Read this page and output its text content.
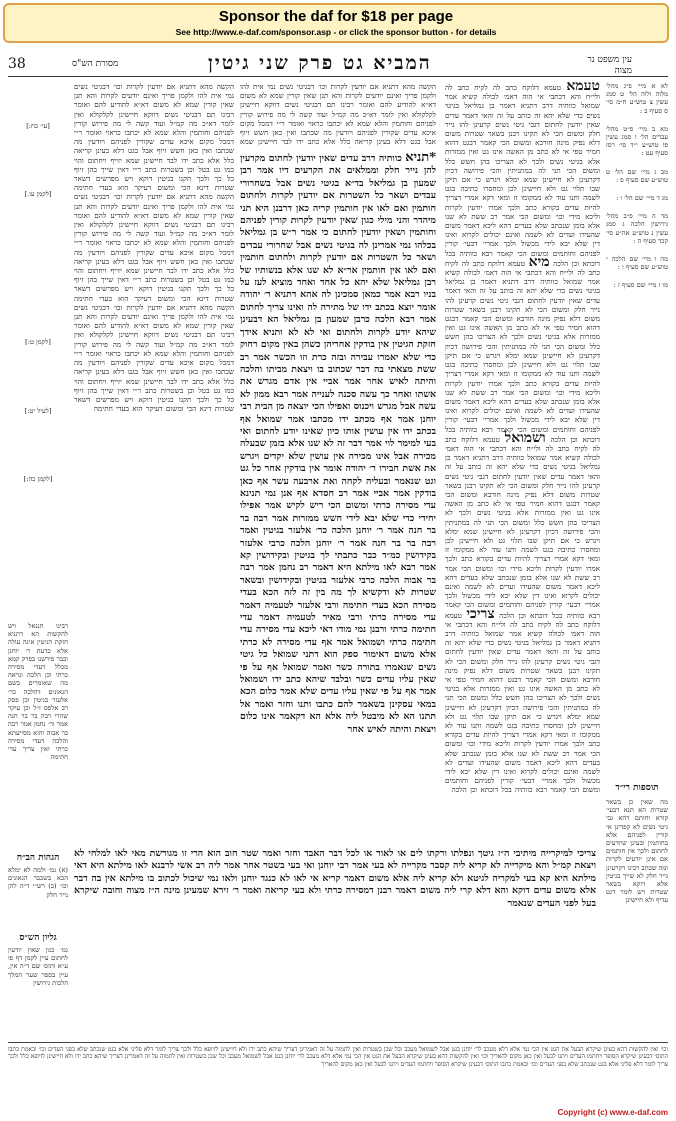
Sponsor the daf for $18 per page
See http://www.e-daf.com/sponsor.asp - or click the sponsor button - for details
38	מסורת הש"ס	המביא גט פרק שני גיטין	עין משפט נר מצוה
לא א מיי׳ פ״ג מהל׳ מלוה ולוה הל׳ ט סמג עשין צ טוש״ע ח״מ סי׳ ס סעיף ב :
מא ב מיי׳ פ״ט מהל׳ עבדים הל׳ ו סמג עשין פו טוש״ע י״ד סי׳ רסז סעיף עט :
מב ג מיי׳ שם הל׳ ט טוש״ע שם סעיף פ :
מג ד מיי׳ שם הל׳ ו :
מד ה מיי׳ פ״ב מהל׳ גירושין הלכה ג סמג עשין נ טוש״ע אה״ע סי׳ קכד סעיף ה :
מה ו מיי׳ שם הלכה י טוש״ע שם סעיף ו :
מו ז מיי׳ שם סעיף ז :
תוספות רי״ד
מה שאין כן בשאר שטרות הא תנא דבעי׳ קורא וחותם דהא גבי גיטי נשים לא קפדינן אי קורין לפניהם אלא בחותמין ובעינן שיודעים לחתום ולכך אין חותמים אם אינן יודעים לקרות ומה שכתב רבינו דקרעינן נייר חלק לא שייך בגיטין אלא דוקא בשאר שטרות ויש לומר דגט עדיף ולא חיישינן
טעמא טעמא דלוקח כתב לה לקיח כתב לה ולי״ח והא דכתבי אי הוה דאמ׳ לכולה קשיא אמר שמואל כוותיה דרב דתניא דאמר בן גמליאל בגיטי נשים כדי שלא יהא זה כותב על זה והאי דאמר עדים שאין יודעין לחתום דגבי גיטי נשים קרעינן להו נייר חלק ומשום הכי לא תקינו רבנן בשאר שטרות משום דלא נפיק מינה חורבא ומשום הכי קאמר דבגט דהוא חמיר טפי אי לא כתב מן האשה אינו גט ואין ממזרות אלא בגיטי נשים ולכך לא הצריכו בהן חשש כלל ומשום הכי תני לה במתניתין והכי פירושה דכיון דקרעינן לא חיישינן שמא ימלא ויגרש כי אם תיקן שבו תלוי גט ולא חיישינן לכן ומחסרו כתיבה בגט לשמה ותנו עוד לא ממקומו זז ומאי דקא אמרי דצריך להיות עדים בקורא כתב ולכך אמרו יודעין לקרות וליכא מידי וכו׳ ומשום הכי אמר רב ששת לא שנו אלא בזמן שנכתב שלא בעדים דהא ליכא דאמר משום שהעידו ועדים לא לשמה ואינם יכולים לקרוא ואינו דין שלא יבא לידי מכשול ולכך אמרי׳ דבעי׳ קורין לפניהם וחותמים ומשום הכי קאמר רבא כוותיה בכל דוכתא וכן הלכה מיא טעמא דלוקח כתב לה לקיח כתב לה ולי״ח והא דכתבי אי הוה דאמ׳ לכולה קשיא אמר שמואל כוותיה דרב דתניא דאמר בן גמליאל בגיטי נשים כדי שלא יהא זה כותב על זה והאי דאמר עדים שאין יודעין לחתום דגבי גיטי נשים קרעינן להו נייר חלק ומשום הכי לא תקינו רבנן בשאר שטרות משום דלא נפיק מינה חורבא ומשום הכי קאמר דבגט דהוא חמיר טפי אי לא כתב מן האשה אינו גט ואין ממזרות אלא בגיטי נשים ולכך לא הצריכו בהן חשש כלל ומשום הכי תני לה במתניתין והכי פירושה דכיון דקרעינן לא חיישינן שמא ימלא ויגרש כי אם תיקן שבו תלוי גט ולא חיישינן לכן ומחסרו כתיבה בגט לשמה ותנו עוד לא ממקומו זז ומאי דקא אמרי דצריך להיות עדים בקורא כתב ולכך אמרו יודעין לקרות וליכא מידי וכו׳ ומשום הכי אמר רב ששת לא שנו אלא בזמן שנכתב שלא בעדים דהא ליכא דאמר משום שהעידו ועדים לא לשמה ואינם יכולים לקרוא ואינו דין שלא יבא לידי מכשול ולכך אמרי׳ דבעי׳ קורין לפניהם וחותמים ומשום הכי קאמר רבא כוותיה בכל דוכתא וכן הלכה ושמואל טעמא דלוקח כתב לה לקיח כתב לה ולי״ח והא דכתבי אי הוה דאמ׳ לכולה קשיא אמר שמואל כוותיה דרב דתניא דאמר בן גמליאל בגיטי נשים כדי שלא יהא זה כותב על זה והאי דאמר עדים שאין יודעין לחתום דגבי גיטי נשים קרעינן להו נייר חלק ומשום הכי לא תקינו רבנן בשאר שטרות משום דלא נפיק מינה חורבא ומשום הכי קאמר דבגט דהוא חמיר טפי אי לא כתב מן האשה אינו גט ואין ממזרות אלא בגיטי נשים ולכך לא הצריכו בהן חשש כלל ומשום הכי תני לה במתניתין והכי פירושה דכיון דקרעינן לא חיישינן שמא ימלא ויגרש כי אם תיקן שבו תלוי גט ולא חיישינן לכן ומחסרו כתיבה בגט לשמה ותנו עוד לא ממקומו זז ומאי דקא אמרי דצריך להיות עדים בקורא כתב ולכך אמרו יודעין לקרות וליכא מידי וכו׳ ומשום הכי אמר רב ששת לא שנו אלא בזמן שנכתב שלא בעדים דהא ליכא דאמר משום שהעידו ועדים לא לשמה ואינם יכולים לקרוא ואינו דין שלא יבא לידי מכשול ולכך אמרי׳ דבעי׳ קורין לפניהם וחותמים ומשום הכי קאמר רבא כוותיה בכל דוכתא וכן הלכה צריכי טעמא דלוקח כתב לה לקיח כתב לה ולי״ח והא דכתבי אי הוה דאמ׳ לכולה קשיא אמר שמואל כוותיה דרב דתניא דאמר בן גמליאל בגיטי נשים כדי שלא יהא זה כותב על זה והאי דאמר עדים שאין יודעין לחתום דגבי גיטי נשים קרעינן להו נייר חלק ומשום הכי לא תקינו רבנן בשאר שטרות משום דלא נפיק מינה חורבא ומשום הכי קאמר דבגט דהוא חמיר טפי אי לא כתב מן האשה אינו גט ואין ממזרות אלא בגיטי נשים ולכך לא הצריכו בהן חשש כלל ומשום הכי תני לה במתניתין והכי פירושה דכיון דקרעינן לא חיישינן שמא ימלא ויגרש כי אם תיקן שבו תלוי גט ולא חיישינן לכן ומחסרו כתיבה בגט לשמה ותנו עוד לא ממקומו זז ומאי דקא אמרי דצריך להיות עדים בקורא כתב ולכך אמרו יודעין לקרות וליכא מידי וכו׳ ומשום הכי אמר רב ששת לא שנו אלא בזמן שנכתב שלא בעדים דהא ליכא דאמר משום שהעידו ועדים לא לשמה ואינם יכולים לקרוא ואינו דין שלא יבא לידי מכשול ולכך אמרי׳ דבעי׳ קורין לפניהם וחותמים ומשום הכי קאמר רבא כוותיה בכל דוכתא וכן הלכה
*תניא כוותיה דרב עדים שאין יודעין לחתום מקרעין להן נייר חלק וממלאים את הקרעים דיו אמר רבן שמעון בן גמליאל בד״א בגיטי נשים אבל בשחרורי עבדים ושאר כל השטרות אם יודעין לקרות ולחתום חותמין ואם לאו אין חותמין קריה כאן דרבנן היא תני מיהדר והני מילי כגון שאין יודעין לקרות קורין לפניהם וחותמין ושאין יודעין לחתום כי אמר ר״ש בן גמליאל בכלהו נמי אמרינן לה בגיטי נשים אבל שחרורי עבדים ושאר כל השטרות אם יודעין לקרות ולחתום חותמין ואם לאו אין חותמין אר״א לא שנו אלא בנשותיו של רבן גמליאל שלא יהא כל אחד ואחד מוציא לעז על בניו רבא אמר כמאן סמכינן לה אהא דתניא ר׳ יהודה אומר יוצא בכתב ידו של מתירה לה ואינו צריך לחתום אמר רבא הלכה כרבן שמעון בן גמליאל הא דבעינן שיהא יודע לקרות ולחתום ואי לא לא ותניא אידך חזקת הגיטין אין בודקין אחריהן כשהן באין מקום רחוק כדי שלא יאמרו עבירה ובזה כרת וזו הכשר אמר רב ששת מצאתי בה דבר שכתוב בו ויצאת מביתו והלכה והיתה לאיש אחר אמר אביי אין אדם מגרש את אשתו ואחר כך עשה סכנה לענייה אמר רבא ממון לא עשה אבל מגרש ויכנוס ואפילו הכי יוצאה מן הבית רבי יוחנן אמר אף מכתב ידו מכתבו אמר שמואל אף בכתב ידו אין עושין אותו כיון שאינו יודע לחתום ואי בעי למימר לוי אמר דבר זה לא שנו אלא בזמן שבעלה מכירה אבל אינו מכירה אין עושין שלא יקדים ויגרש את אשת חבירו ר׳ יהודה אומר אין בודקין אחר כל גט וגט שנאמר ובעליה לקחה ואת ארבעה עשר אף כאן בודקין אמר אביי אמר רב חסדא אף אנן נמי תנינא עדי מסירה כרתי ומשום הכי ריש לקיש אמר אפילו יחידי כדי שלא יבא לידי חשש ממזרות אמר רבה בר בר חנה אמר ר׳ יוחנן הלכה כר׳ אלעזר בגיטין ואמר רבה בר בר חנה אמר ר׳ יוחנן הלכה כרבי אלעזר בקידושין כמ״ד כבר כתבתי לך בגיטין ובקידושין קא אמר רבא לאו מילתא היא דאמר רב נחמן אמר רבה בר אבוה הלכה כרבי אלעזר בגיטין ובקידושין ובשאר שטרות לא ודקשיא לך מה בין זה לזה הכא בעדי מסירה הכא בעדי חתימה ורבי אלעזר לטעמיה דאמר עדי מסירה כרתי ורבי מאיר לטעמיה דאמר עדי חתימה כרתי ורבנן נמי מודו דאי ליכא עדי מסירה עדי חתימה כרתי ושמואל אמר אף עדי מסירה לא כרתי אלא משום דאימור ספק הוא דתני שמואל כל גיטי נשים שנאמרו בתורה כשר ואמר שמואל אף על פי שאין עליו עדים כשר ובלבד שיהא כתב ידו ושמואל אמר אף על פי שאין עליו עדים שלא אמר כלום הכא במאי עסקינן בשאמר להם כתבו ותנו וחזר ואמר אל תתנו הא לא מיבטל ליה אלא הא דקאמר אינו כלום ויצאת והיתה לאיש אחר
הקשה מהא דתניא אם יודעין לקרות וכו׳ דבגיטי נשים נמי אית להו ולקמן פריך ואינם יודעים לקרות והא תנן שאין קורין שמא לא משום דא״א להודיע להם ואומר רבינו תם דבגיטי נשים דווקא חיישינן לקלקולא ואין לומר דא״כ מה קמ״ל ועוד קשה לי מה פירוש קורין לפניהם וחותמין והלא שמא לא יכתבו כראוי ואומר ר״י דמכל מקום איכא עדים שקורין לפניהם ויודעין מה שכתבו ואין כאן חשש זיוף אבל בגט דלא בעינן קריאה כלל אלא כתב ידו לבד חיישינן שמא יזייף ויחתום והוי כמו גט בטל וכן בשטרות כתב ר״י דאין שייך בהן זיוף כל כך ולכך תקנו בגיטין דוקא ויש מפרשים דשאר שטרות דינא הכי ומשום דעיקר הוא בעדי חתימה הקשה מהא דתניא אם יודעין לקרות וכו׳ דבגיטי נשים נמי אית להו ולקמן פריך ואינם יודעים לקרות והא תנן שאין קורין שמא לא משום דא״א להודיע להם ואומר רבינו תם דבגיטי נשים דווקא חיישינן לקלקולא ואין לומר דא״כ מה קמ״ל ועוד קשה לי מה פירוש קורין לפניהם וחותמין והלא שמא לא יכתבו כראוי ואומר ר״י דמכל מקום איכא עדים שקורין לפניהם ויודעין מה שכתבו ואין כאן חשש זיוף אבל בגט דלא בעינן קריאה כלל אלא כתב ידו לבד חיישינן שמא יזייף ויחתום והוי כמו גט בטל וכן בשטרות כתב ר״י דאין שייך בהן זיוף כל כך ולכך תקנו בגיטין דוקא ויש מפרשים דשאר שטרות דינא הכי ומשום דעיקר הוא בעדי חתימה הקשה מהא דתניא אם יודעין לקרות וכו׳ דבגיטי נשים נמי אית להו ולקמן פריך ואינם יודעים לקרות והא תנן שאין קורין שמא לא משום דא״א להודיע להם ואומר רבינו תם דבגיטי נשים דווקא חיישינן לקלקולא ואין לומר דא״כ מה קמ״ל ועוד קשה לי מה פירוש קורין לפניהם וחותמין והלא שמא לא יכתבו כראוי ואומר ר״י דמכל מקום איכא עדים שקורין לפניהם ויודעין מה שכתבו ואין כאן חשש זיוף אבל בגט דלא בעינן קריאה כלל אלא כתב ידו לבד חיישינן שמא יזייף ויחתום והוי כמו גט בטל וכן בשטרות כתב ר״י דאין שייך בהן זיוף כל כך ולכך תקנו בגיטין דוקא ויש מפרשים דשאר שטרות דינא הכי ומשום דעיקר הוא בעדי חתימה
הקשה מהא דתניא אם יודעין לקרות וכו׳ דבגיטי נשים נמי אית להו ולקמן פריך ואינם יודעים לקרות והא תנן שאין קורין שמא לא משום דא״א להודיע להם ואומר רבינו תם דבגיטי נשים דווקא חיישינן לקלקולא ואין לומר דא״כ מה קמ״ל ועוד קשה לי מה פירוש קורין לפניהם וחותמין והלא שמא לא יכתבו כראוי ואומר ר״י דמכל מקום איכא עדים שקורין לפניהם ויודעין מה שכתבו ואין כאן חשש זיוף אבל בגט דלא בעינן קריאה כלל אלא כתב ידו לבד חיישינן שמא
[עי׳ כח:]
[לקמן עו.]
[לקמן ט:]
[לעיל יט:]
[לקמן כה:]
רבינו חננאל ויש להקשות הא דתניא חזקת הגיטין אינה עולה אלא כדעת ר׳ יוחנן וכבר פירשנו בפרק קמא מכלל דעדי מסירה כרתי וכן הלכה ונראה מה שאומרים בשם הגאונים דהלכה כר׳ אלעזר בגיטין וכן פסק רב אלפס ז״ל וכן עיקר שהרי רבה בר בר חנה אמר ור׳ נחמן אמר רבה בר אבוה והוא מסייעתא והלכה דעדי מסירה כרתי ואין צריך עדי חתימה
הגהות הב״ח
(א) גמ׳ ולמה לא ימלא הכא בשכבר הגאונים וכו׳ (ב) רש״י ד״ה להן נייר חלק
גליון הש״ס
גמ׳ כגון שאין יודעין לחתום עיין לקמן דף פו ע״א ותוס׳ שם ד״ה אין, עיין בספר שער המלך הלכות גירושין
צריכי למיקרייה מיתיבי ה״ז גיטך ונפלתו ורקתו לים או לאור או לכל דבר האבד וחזר ואמר שטר חוב הוא הרי זו מגורשת מאי לאו למלחי לא ויצאת קמ״ל והא מיקרייה לא קריא ליה קסבר מקרייה לא בעי אמר רבי יוחנן ואי בעי בשטר אחר אמר ליה רב אשי לרבנא לאו מילתא היא דאי מילתא היא קא בעי למקריה לגיטא ולא קריא ליה אלא משום דאמר קריא אי לאו לא כנגד יוחנן ולאו נמי שיכול לכתוב בו מילתא אין בה דבר אלא משום עדים דוקא והא דלא קרי ליה משום דאמר רבנן דמסירה כרתי ולא בעי קריאה ואמר ר׳ זירא שמעינן מינה ה״ז מצוה וחובה שיקרא בעל לפני העדים שנאמר
וכו׳ ואין להקשות דהא בעינן שיקרא הבעל את הגט אין הכי נמי אלא דלא מעכב לר׳ יוחנן בגט אבל לשמואל מעכב וכל שכן בשטרות ואין לתמוה על זה דאמרינן דצריך שיהא כתב ידו ולא חיישינן לזיופא כלל ולכך צריך לומר דלא פליגי אלא בגט שנכתב שלא בפני העדים וכו׳ ובאמת כתבו התוס׳ דבעינן שיקרא הסופר ויחתמו העדים ויתנו לבעל ואין כאן מקום להאריך וכו׳ ואין להקשות דהא בעינן שיקרא הבעל את הגט אין הכי נמי אלא דלא מעכב לר׳ יוחנן בגט אבל לשמואל מעכב וכל שכן בשטרות ואין לתמוה על זה דאמרינן דצריך שיהא כתב ידו ולא חיישינן לזיופא כלל ולכך צריך לומר דלא פליגי אלא בגט שנכתב שלא בפני העדים וכו׳ ובאמת כתבו התוס׳ דבעינן שיקרא הסופר ויחתמו העדים ויתנו לבעל ואין כאן מקום להאריך
Copyright (c) www.e-daf.com
